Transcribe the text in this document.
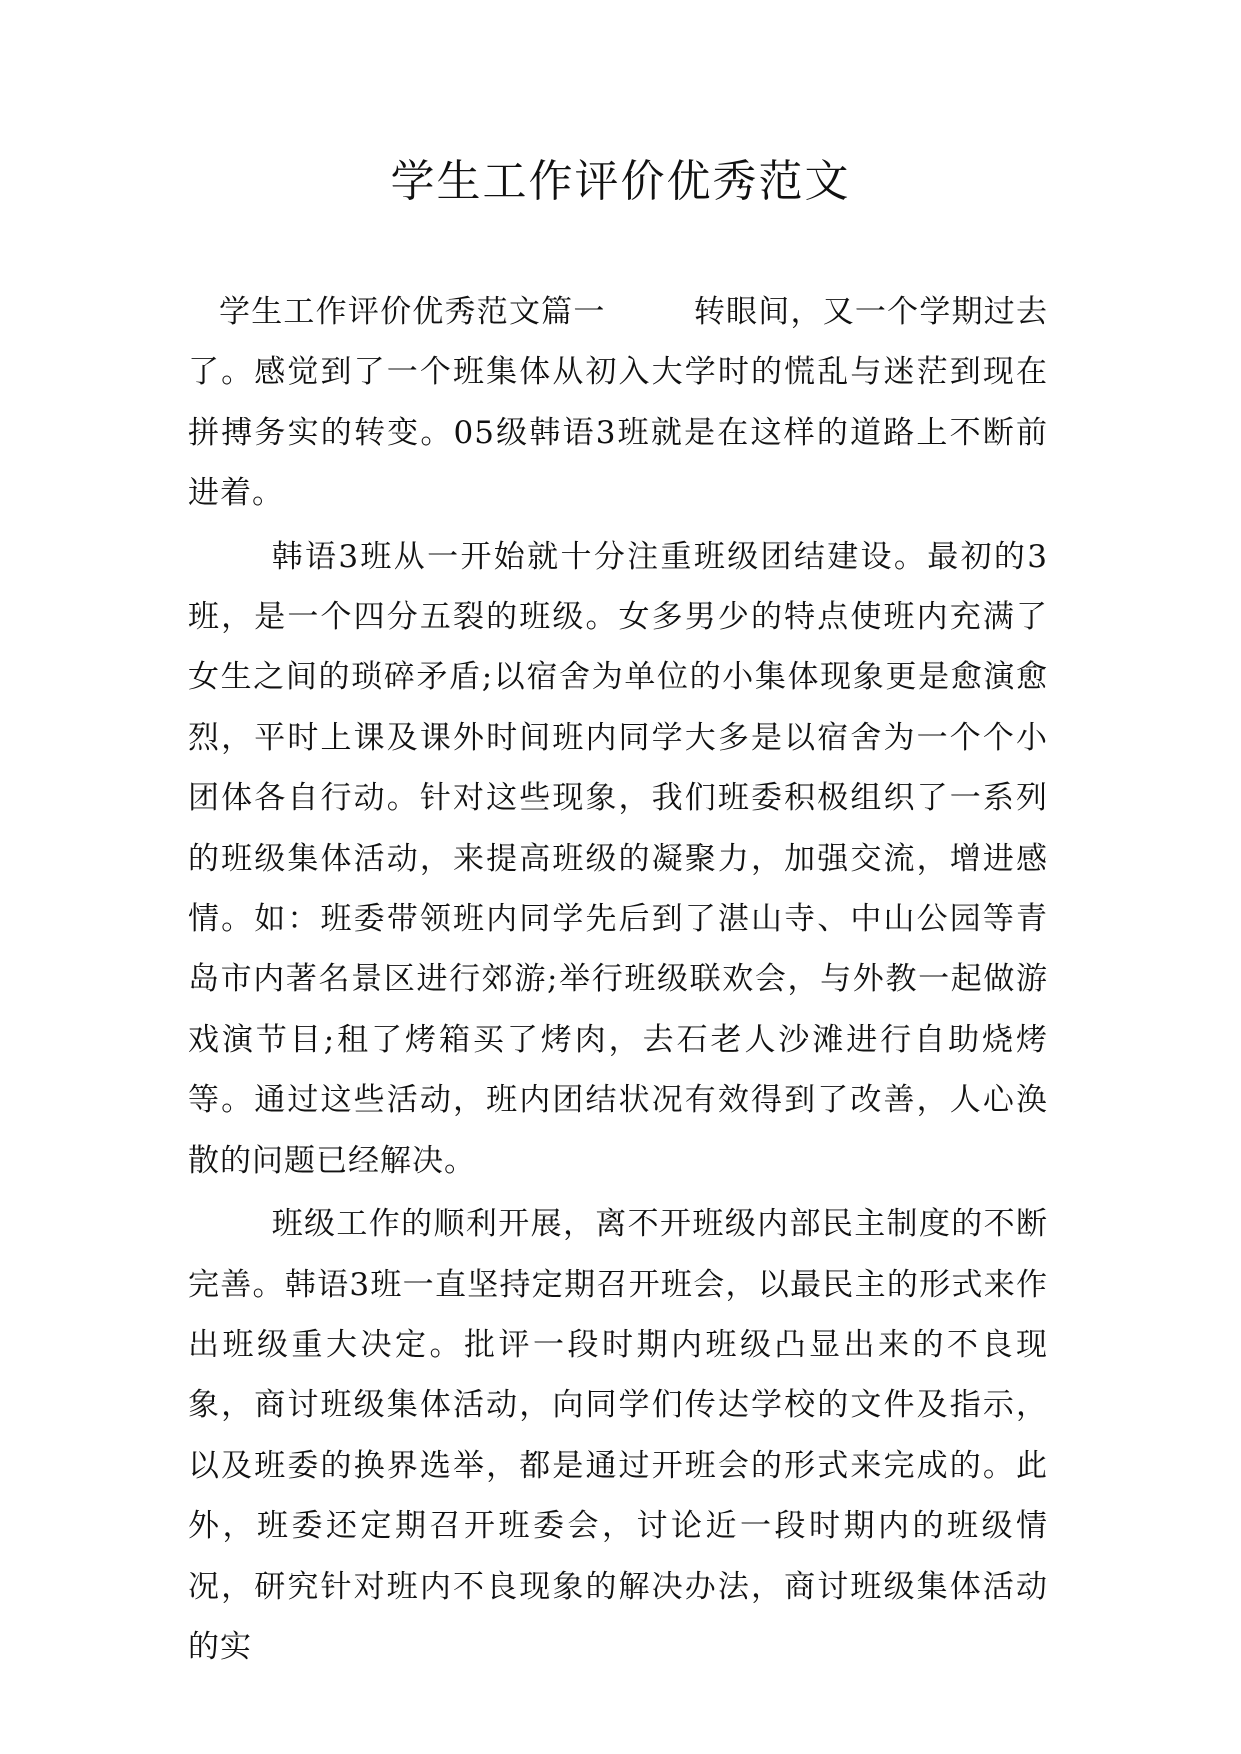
学生工作评价优秀范文

学生工作评价优秀范文篇一	转眼间，又一个学期过去了。感觉到了一个班集体从初入大学时的慌乱与迷茫到现在拼搏务实的转变。05级韩语3班就是在这样的道路上不断前进着。

韩语3班从一开始就十分注重班级团结建设。最初的3班，是一个四分五裂的班级。女多男少的特点使班内充满了女生之间的琐碎矛盾;以宿舍为单位的小集体现象更是愈演愈烈，平时上课及课外时间班内同学大多是以宿舍为一个个小团体各自行动。针对这些现象，我们班委积极组织了一系列的班级集体活动，来提高班级的凝聚力，加强交流，增进感情。如：班委带领班内同学先后到了湛山寺、中山公园等青岛市内著名景区进行郊游;举行班级联欢会，与外教一起做游戏演节目;租了烤箱买了烤肉，去石老人沙滩进行自助烧烤等。通过这些活动，班内团结状况有效得到了改善，人心涣散的问题已经解决。

班级工作的顺利开展，离不开班级内部民主制度的不断完善。韩语3班一直坚持定期召开班会，以最民主的形式来作出班级重大决定。批评一段时期内班级凸显出来的不良现象，商讨班级集体活动，向同学们传达学校的文件及指示，以及班委的换界选举，都是通过开班会的形式来完成的。此外，班委还定期召开班委会，讨论近一段时期内的班级情况，研究针对班内不良现象的解决办法，商讨班级集体活动的实
